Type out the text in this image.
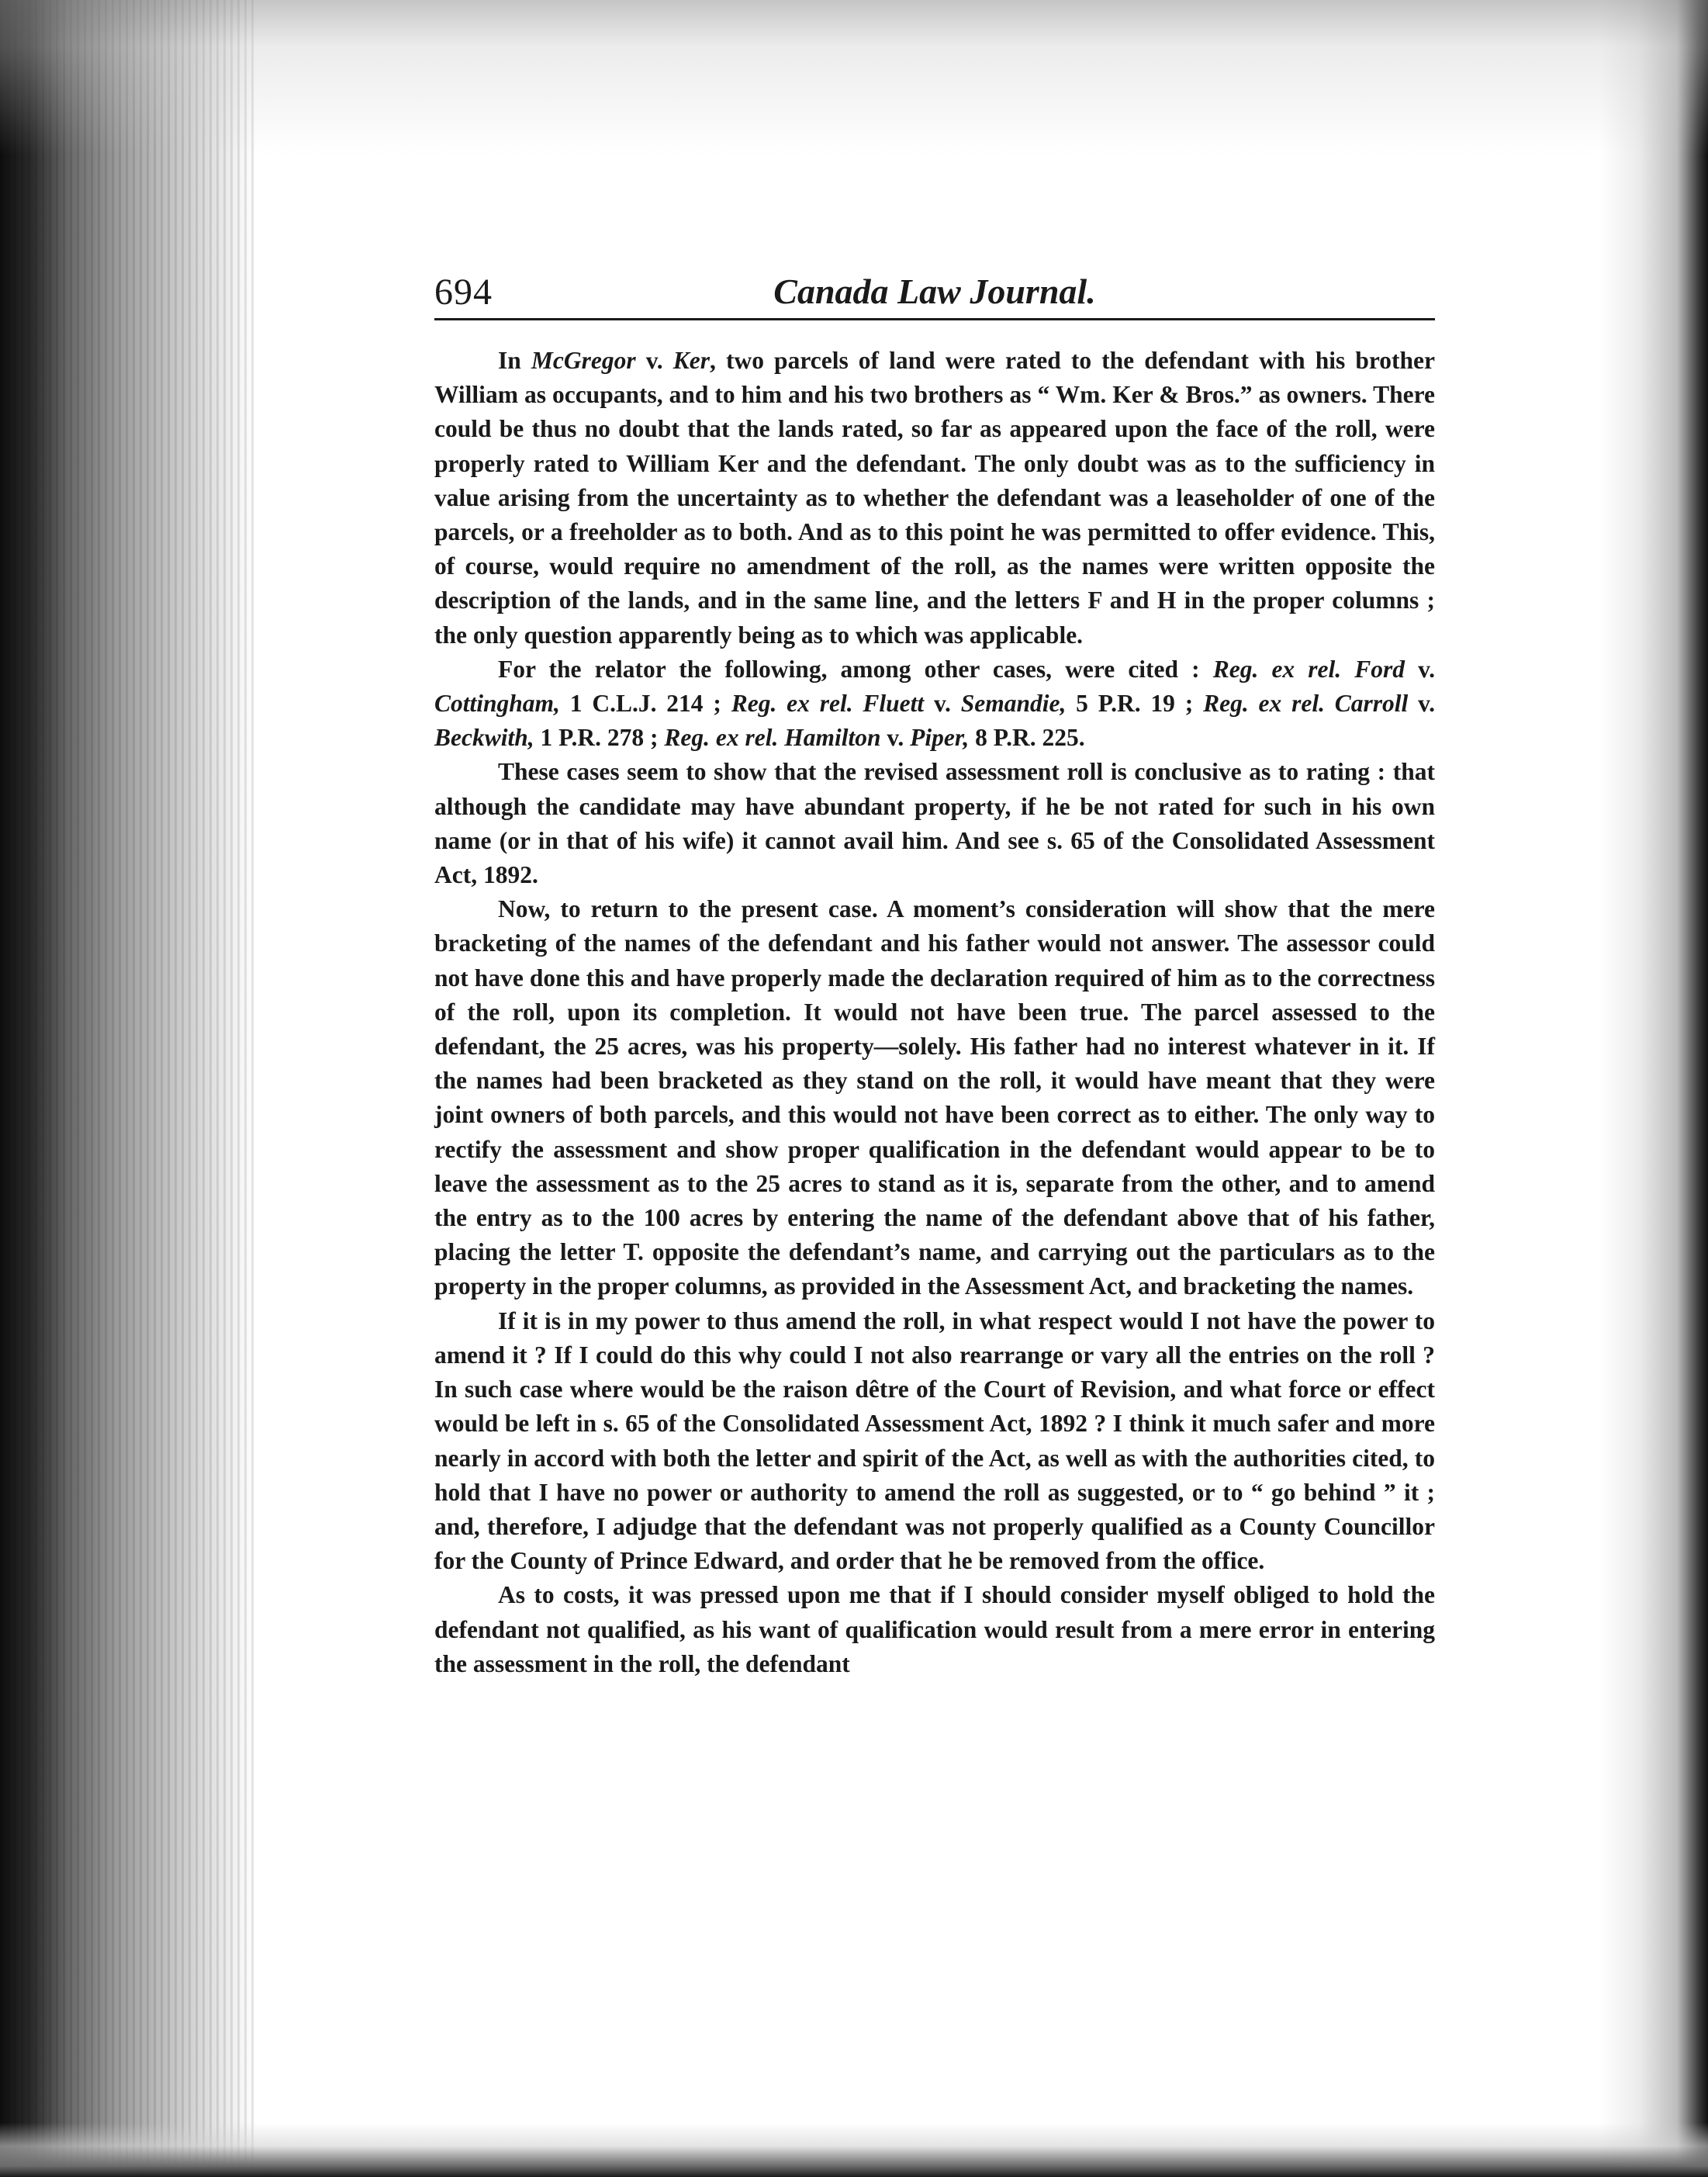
694	Canada Law Journal.

In McGregor v. Ker, two parcels of land were rated to the defendant with his brother William as occupants, and to him and his two brothers as “ Wm. Ker & Bros.” as owners. There could be thus no doubt that the lands rated, so far as appeared upon the face of the roll, were properly rated to William Ker and the defendant. The only doubt was as to the sufficiency in value arising from the uncertainty as to whether the defendant was a leaseholder of one of the parcels, or a freeholder as to both. And as to this point he was permitted to offer evidence. This, of course, would require no amendment of the roll, as the names were written opposite the description of the lands, and in the same line, and the letters F and H in the proper columns ; the only question apparently being as to which was applicable.

For the relator the following, among other cases, were cited : Reg. ex rel. Ford v. Cottingham, 1 C.L.J. 214 ; Reg. ex rel. Fluett v. Semandie, 5 P.R. 19 ; Reg. ex rel. Carroll v. Beckwith, 1 P.R. 278 ; Reg. ex rel. Hamilton v. Piper, 8 P.R. 225.

These cases seem to show that the revised assessment roll is conclusive as to rating : that although the candidate may have abundant property, if he be not rated for such in his own name (or in that of his wife) it cannot avail him. And see s. 65 of the Consolidated Assessment Act, 1892.

Now, to return to the present case. A moment’s consideration will show that the mere bracketing of the names of the defendant and his father would not answer. The assessor could not have done this and have properly made the declaration required of him as to the correctness of the roll, upon its completion. It would not have been true. The parcel assessed to the defendant, the 25 acres, was his property—solely. His father had no interest whatever in it. If the names had been bracketed as they stand on the roll, it would have meant that they were joint owners of both parcels, and this would not have been correct as to either. The only way to rectify the assessment and show proper qualification in the defendant would appear to be to leave the assessment as to the 25 acres to stand as it is, separate from the other, and to amend the entry as to the 100 acres by entering the name of the defendant above that of his father, placing the letter T. opposite the defendant’s name, and carrying out the particulars as to the property in the proper columns, as provided in the Assessment Act, and bracketing the names.

If it is in my power to thus amend the roll, in what respect would I not have the power to amend it ? If I could do this why could I not also rearrange or vary all the entries on the roll ? In such case where would be the raison dêtre of the Court of Revision, and what force or effect would be left in s. 65 of the Consolidated Assessment Act, 1892 ? I think it much safer and more nearly in accord with both the letter and spirit of the Act, as well as with the authorities cited, to hold that I have no power or authority to amend the roll as suggested, or to “ go behind ” it ; and, therefore, I adjudge that the defendant was not properly qualified as a County Councillor for the County of Prince Edward, and order that he be removed from the office.

As to costs, it was pressed upon me that if I should consider myself obliged to hold the defendant not qualified, as his want of qualification would result from a mere error in entering the assessment in the roll, the defendant
